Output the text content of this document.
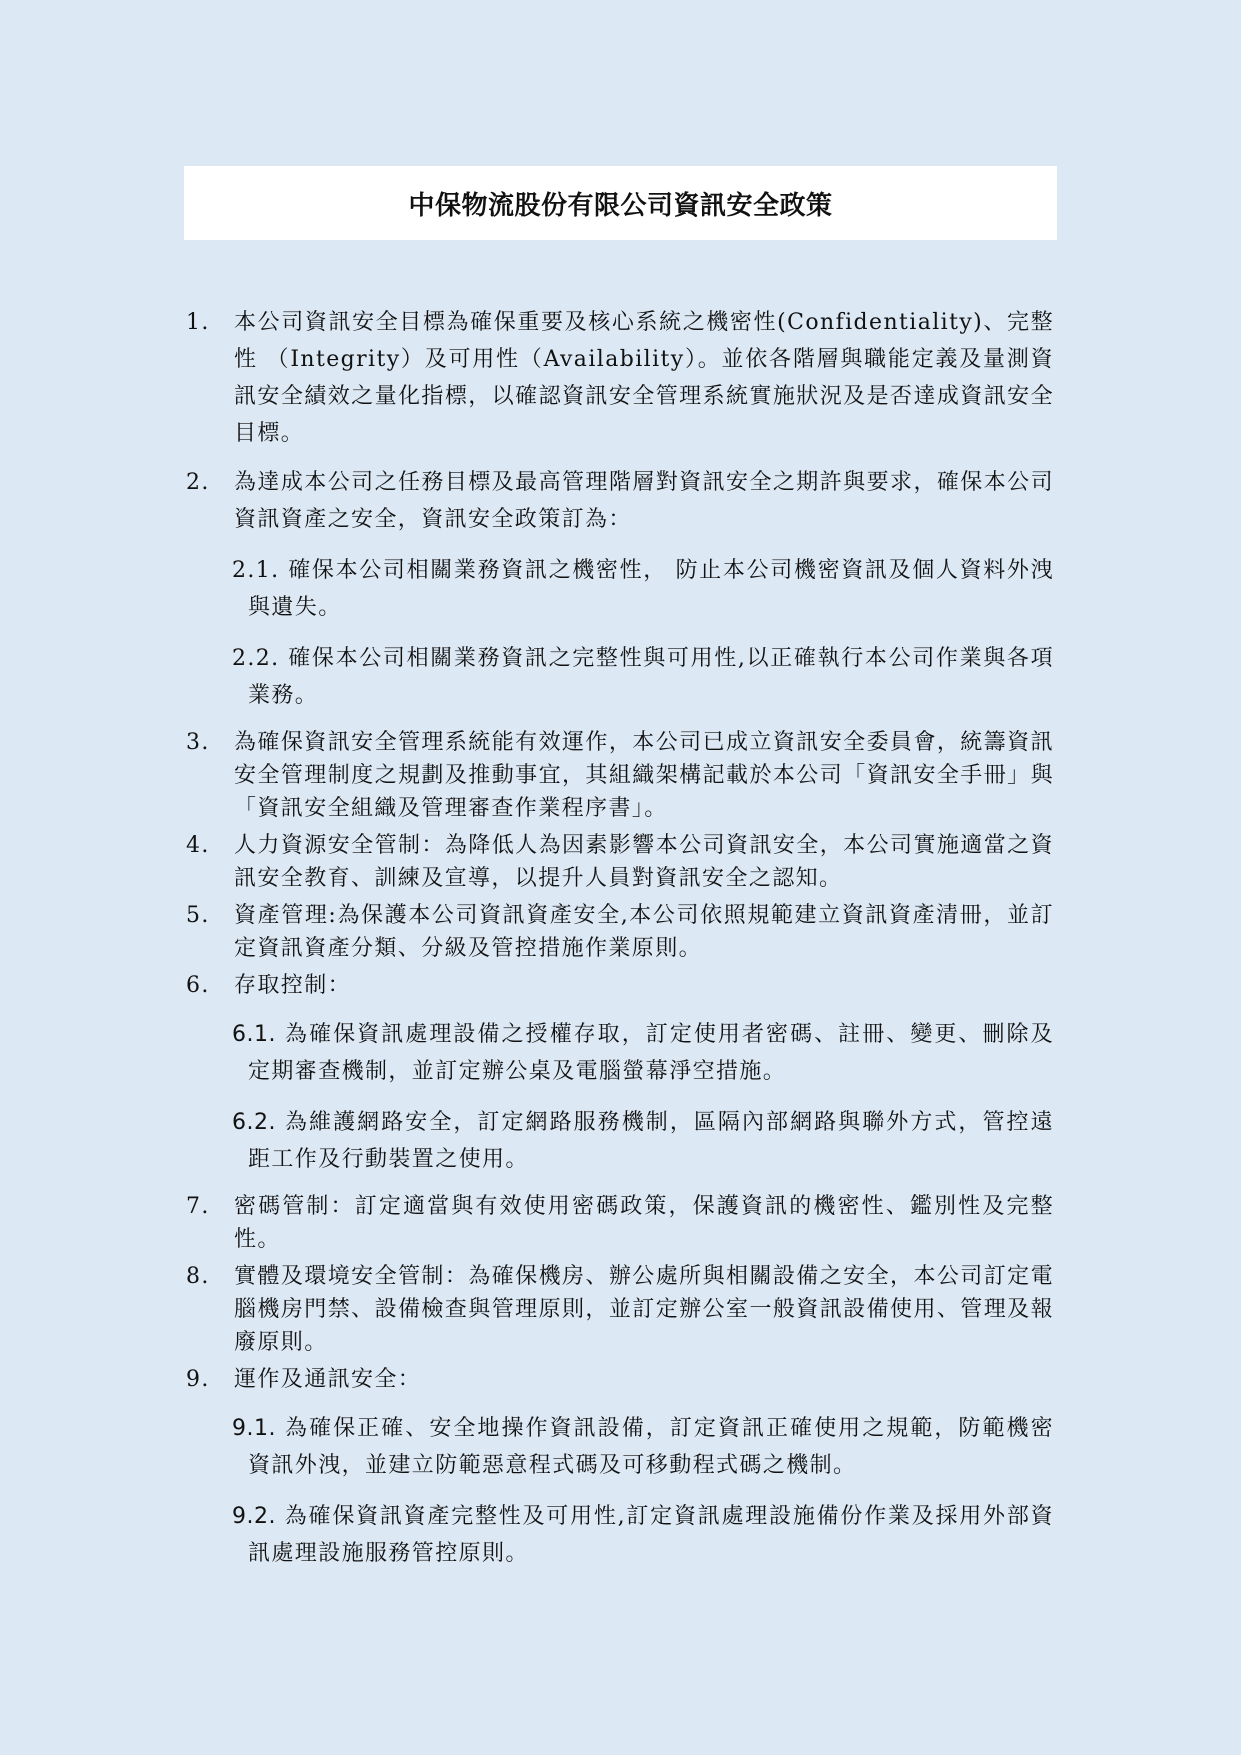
中保物流股份有限公司資訊安全政策
1.	本公司資訊安全目標為確保重要及核心系統之機密性(Confidentiality)、完整性 （Integrity）及可用性（Availability）。並依各階層與職能定義及量測資訊安全績效之量化指標，以確認資訊安全管理系統實施狀況及是否達成資訊安全目標。
2.	為達成本公司之任務目標及最高管理階層對資訊安全之期許與要求，確保本公司資訊資產之安全，資訊安全政策訂為：
2.1. 確保本公司相關業務資訊之機密性， 防止本公司機密資訊及個人資料外洩與遺失。
2.2. 確保本公司相關業務資訊之完整性與可用性,以正確執行本公司作業與各項業務。
3.	為確保資訊安全管理系統能有效運作，本公司已成立資訊安全委員會，統籌資訊安全管理制度之規劃及推動事宜，其組織架構記載於本公司「資訊安全手冊」與「資訊安全組織及管理審查作業程序書」。
4.	人力資源安全管制：為降低人為因素影響本公司資訊安全，本公司實施適當之資訊安全教育、訓練及宣導，以提升人員對資訊安全之認知。
5.	資產管理:為保護本公司資訊資產安全,本公司依照規範建立資訊資產清冊，並訂定資訊資產分類、分級及管控措施作業原則。
6.	存取控制：
6.1. 為確保資訊處理設備之授權存取，訂定使用者密碼、註冊、變更、刪除及定期審查機制，並訂定辦公桌及電腦螢幕淨空措施。
6.2. 為維護網路安全，訂定網路服務機制，區隔內部網路與聯外方式，管控遠距工作及行動裝置之使用。
7.	密碼管制：訂定適當與有效使用密碼政策，保護資訊的機密性、鑑別性及完整性。
8.	實體及環境安全管制：為確保機房、辦公處所與相關設備之安全，本公司訂定電腦機房門禁、設備檢查與管理原則，並訂定辦公室一般資訊設備使用、管理及報廢原則。
9.	運作及通訊安全：
9.1. 為確保正確、安全地操作資訊設備，訂定資訊正確使用之規範，防範機密資訊外洩，並建立防範惡意程式碼及可移動程式碼之機制。
9.2. 為確保資訊資產完整性及可用性,訂定資訊處理設施備份作業及採用外部資訊處理設施服務管控原則。
